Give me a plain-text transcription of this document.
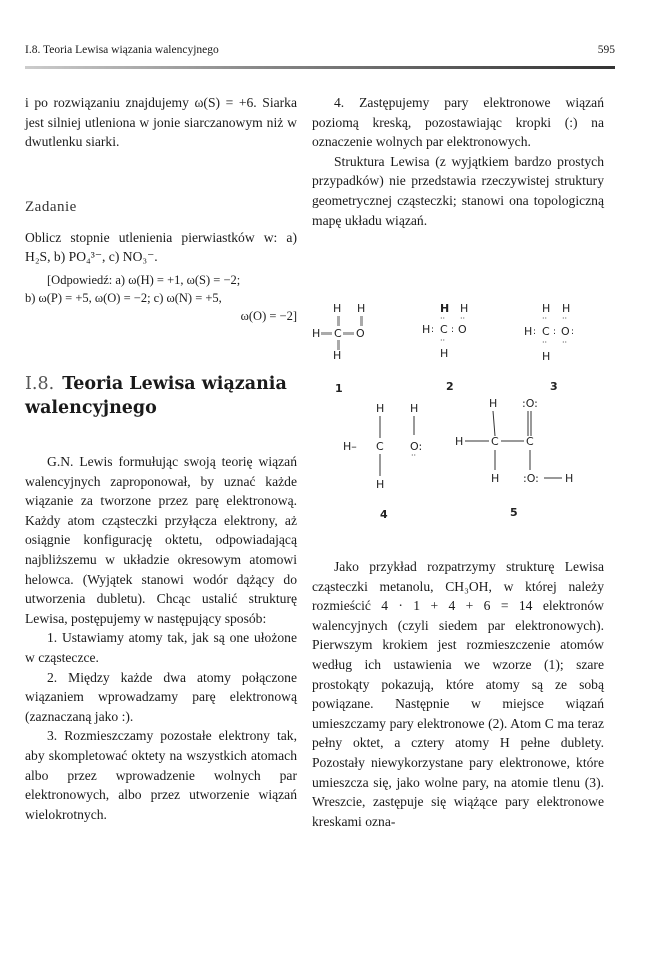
I.8. Teoria Lewisa wiązania walencyjnego	595

i po rozwiązaniu znajdujemy ω(S) = +6. Siarka jest silniej utleniona w jonie siarczanowym niż w dwutlenku siarki.

Zadanie

Oblicz stopnie utlenienia pierwiastków w: a) H₂S, b) PO₄³⁻, c) NO₃⁻.

[Odpowiedź: a) ω(H) = +1, ω(S) = −2;

b) ω(P) = +5, ω(O) = −2; c) ω(N) = +5,

ω(O) = −2]

I.8. Teoria Lewisa wiązania walencyjnego

G.N. Lewis formułując swoją teorię wiązań walencyjnych zaproponował, by uznać każde wiązanie za tworzone przez parę elektronową. Każdy atom cząsteczki przyłącza elektrony, aż osiągnie konfigurację oktetu, odpowiadającą najbliższemu w układzie okresowym atomowi helowca. (Wyjątek stanowi wodór dążący do utworzenia dubletu). Chcąc ustalić strukturę Lewisa, postępujemy w następujący sposób:

1. Ustawiamy atomy tak, jak są one ułożone w cząsteczce.

2. Między każde dwa atomy połączone wiązaniem wprowadzamy parę elektronową (zaznaczaną jako :).

3. Rozmieszczamy pozostałe elektrony tak, aby skompletować oktety na wszystkich atomach albo przez wprowadzenie wolnych par elektronowych, albo przez utworzenie wiązań wielokrotnych.

4. Zastępujemy pary elektronowe wiązań poziomą kreską, pozostawiając kropki (:) na oznaczenie wolnych par elektronowych.

Struktura Lewisa (z wyjątkiem bardzo prostych przypadków) nie przedstawia rzeczywistej struktury geometrycznej cząsteczki; stanowi ona topologiczną mapę układu wiązań.

H H
H C O
H
1
H H
·· ··
H : C : O
··
H
2
H H
·· ··
H : C : O :
·· ··
H
3
H H
H– C O:
··
H
4
H :O:
H	C C
H :O: H
5

Jako przykład rozpatrzymy strukturę Lewisa cząsteczki metanolu, CH₃OH, w której należy rozmieścić 4 · 1 + 4 + 6 = 14 elektronów walencyjnych (czyli siedem par elektronowych). Pierwszym krokiem jest rozmieszczenie atomów według ich ustawienia we wzorze (1); szare prostokąty pokazują, które atomy są ze sobą powiązane. Następnie w miejsce wiązań umieszczamy pary elektronowe (2). Atom C ma teraz pełny oktet, a cztery atomy H pełne dublety. Pozostały niewykorzystane pary elektronowe, które umieszcza się, jako wolne pary, na atomie tlenu (3). Wreszcie, zastępuje się wiążące pary elektronowe kreskami ozna-
